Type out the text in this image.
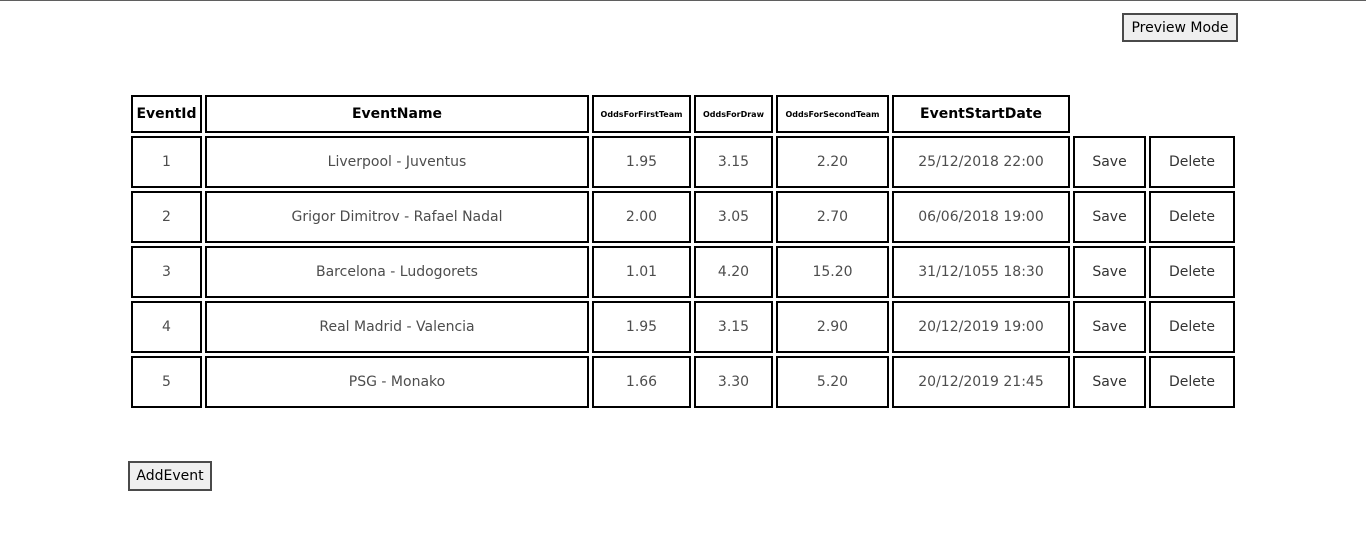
Preview Mode
EventId	EventName	OddsForFirstTeam	OddsForDraw	OddsForSecondTeam	EventStartDate
1	Liverpool - Juventus	1.95	3.15	2.20	25/12/2018 22:00	Save	Delete
2	Grigor Dimitrov - Rafael Nadal	2.00	3.05	2.70	06/06/2018 19:00	Save	Delete
3	Barcelona - Ludogorets	1.01	4.20	15.20	31/12/1055 18:30	Save	Delete
4	Real Madrid - Valencia	1.95	3.15	2.90	20/12/2019 19:00	Save	Delete
5	PSG - Monako	1.66	3.30	5.20	20/12/2019 21:45	Save	Delete
AddEvent
